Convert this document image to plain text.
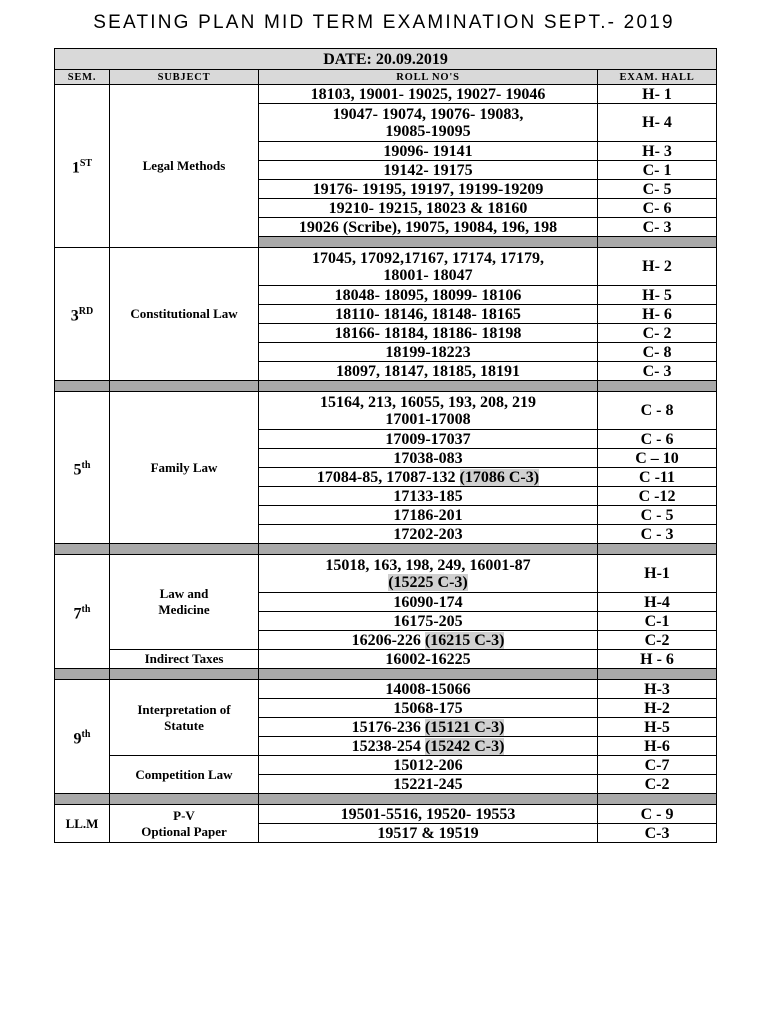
SEATING PLAN MID TERM EXAMINATION SEPT.- 2019
DATE: 20.09.2019			
SEM.	SUBJECT	ROLL NO'S	EXAM. HALL
1ST	Legal Methods	18103, 19001- 19025, 19027- 19046	H- 1
		19047- 19074, 19076- 19083,
19085-19095	H- 4
		19096- 19141	H- 3
		19142- 19175	C- 1
		19176- 19195, 19197, 19199-19209	C- 5
		19210- 19215, 18023 & 18160	C- 6
		19026 (Scribe), 19075, 19084, 196, 198	C- 3

3RD	Constitutional Law	17045, 17092,17167, 17174, 17179,
18001- 18047	H- 2
		18048- 18095, 18099- 18106	H- 5
		18110- 18146, 18148- 18165	H- 6
		18166- 18184, 18186- 18198	C- 2
		18199-18223	C- 8
		18097, 18147, 18185, 18191	C- 3

5th	Family Law	15164, 213, 16055, 193, 208, 219
17001-17008	C - 8
		17009-17037	C - 6
		17038-083	C – 10
		17084-85, 17087-132 (17086 C-3)	C -11
		17133-185	C -12
		17186-201	C - 5
		17202-203	C - 3

7th	Law and
Medicine	15018, 163, 198, 249, 16001-87
(15225 C-3)	H-1
		16090-174	H-4
		16175-205	C-1
		16206-226 (16215 C-3)	C-2
	Indirect Taxes	16002-16225	H - 6

9th	Interpretation of
Statute	14008-15066	H-3
		15068-175	H-2
		15176-236 (15121 C-3)	H-5
		15238-254 (15242 C-3)	H-6
	Competition Law	15012-206	C-7
		15221-245	C-2

LL.M	P-V
Optional Paper	19501-5516, 19520- 19553	C - 9
		19517 & 19519	C-3
